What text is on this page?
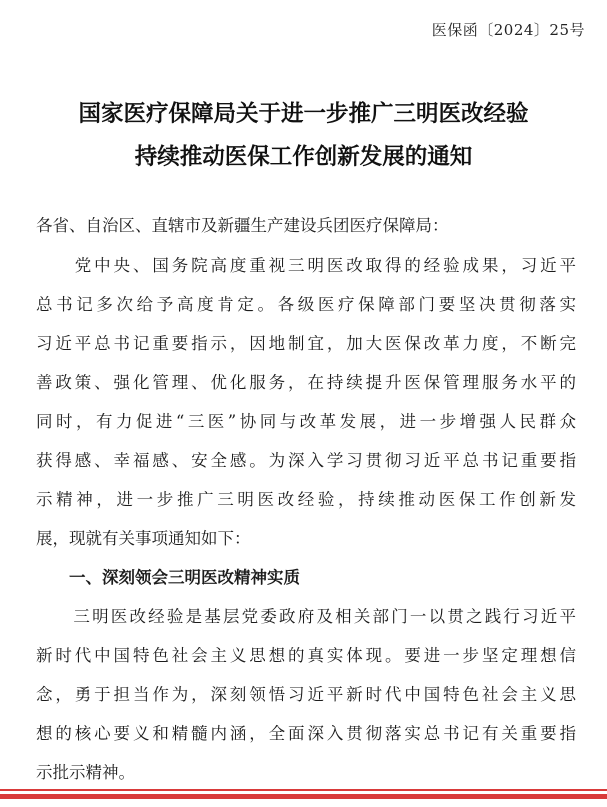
医保函〔2024〕25号
国家医疗保障局关于进一步推广三明医改经验
持续推动医保工作创新发展的通知
各省、自治区、直辖市及新疆生产建设兵团医疗保障局：
　　党中央、国务院高度重视三明医改取得的经验成果，习近平
总书记多次给予高度肯定。各级医疗保障部门要坚决贯彻落实
习近平总书记重要指示，因地制宜，加大医保改革力度，不断完
善政策、强化管理、优化服务，在持续提升医保管理服务水平的
同时，有力促进“三医”协同与改革发展，进一步增强人民群众
获得感、幸福感、安全感。为深入学习贯彻习近平总书记重要指
示精神，进一步推广三明医改经验，持续推动医保工作创新发
展，现就有关事项通知如下：
　　一、深刻领会三明医改精神实质
　　三明医改经验是基层党委政府及相关部门一以贯之践行习近平
新时代中国特色社会主义思想的真实体现。要进一步坚定理想信
念，勇于担当作为，深刻领悟习近平新时代中国特色社会主义思
想的核心要义和精髓内涵，全面深入贯彻落实总书记有关重要指
示批示精神。
